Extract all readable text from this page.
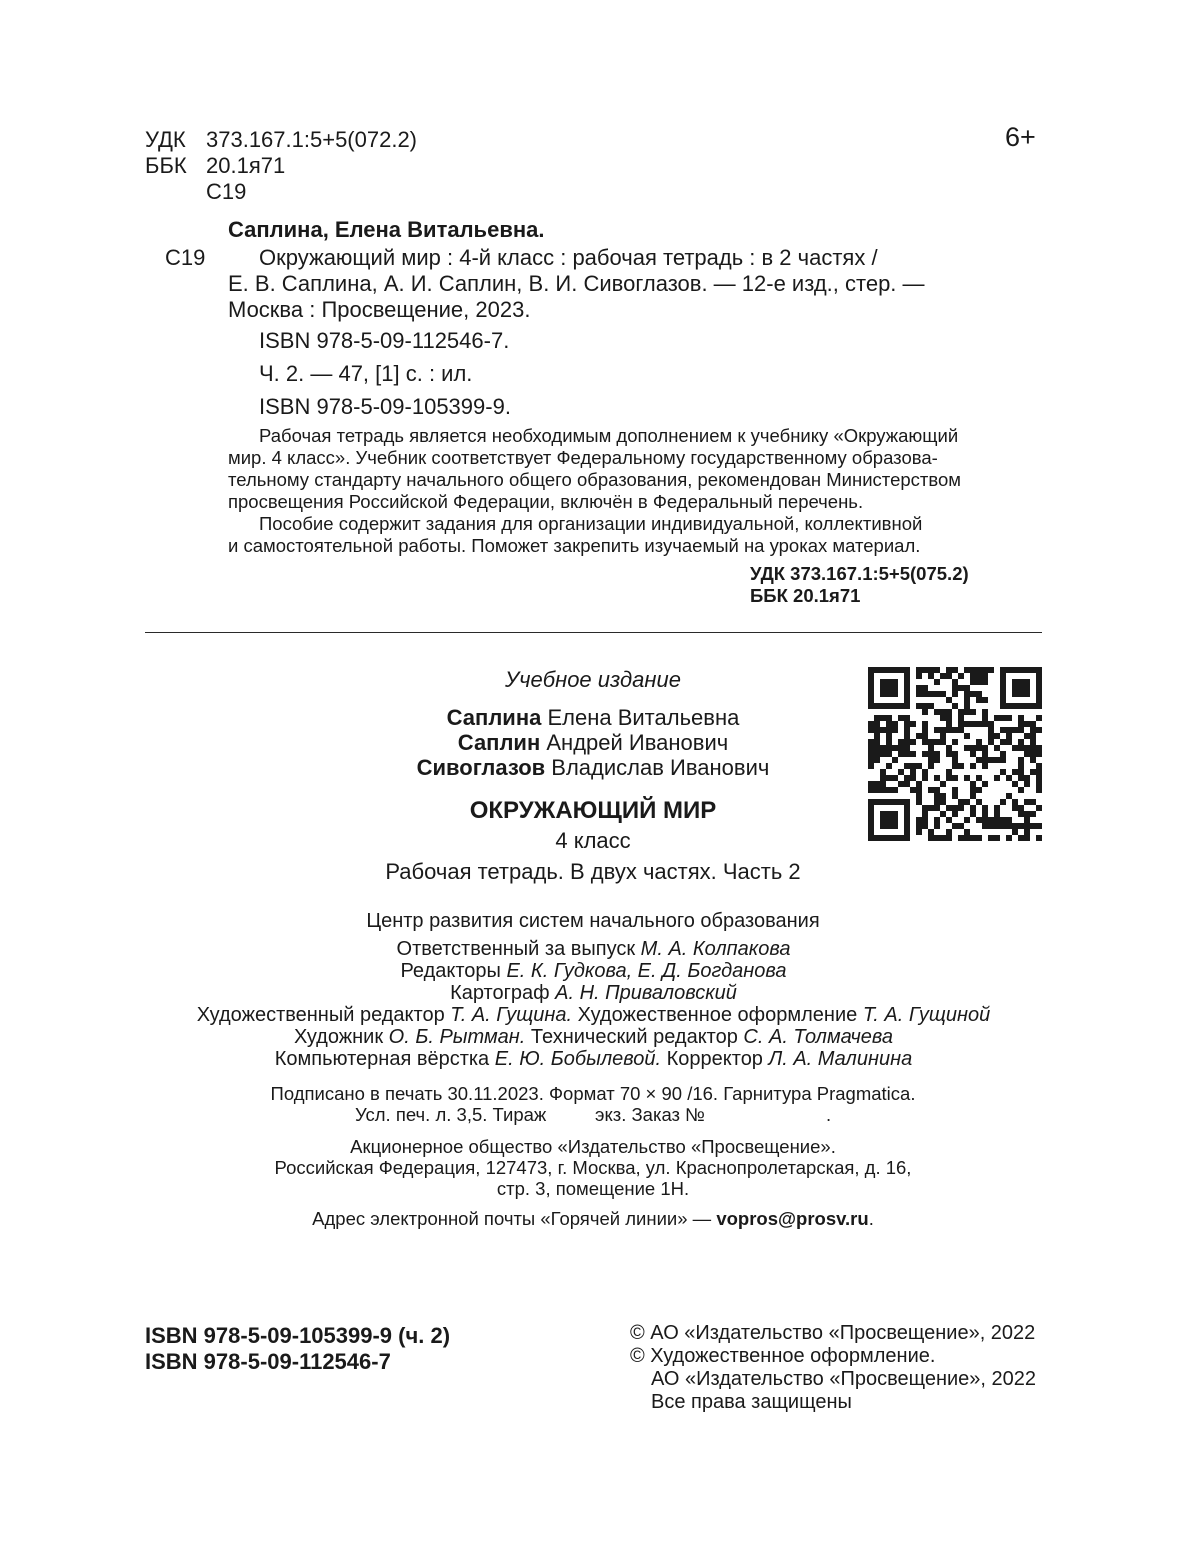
УДК 373.167.1:5+5(072.2)
ББК 20.1я71
С19
6+
Саплина, Елена Витальевна.
С19 Окружающий мир : 4-й класс : рабочая тетрадь : в 2 частях /
Е. В. Саплина, А. И. Саплин, В. И. Сивоглазов. — 12-е изд., стер. —
Москва : Просвещение, 2023.
ISBN 978-5-09-112546-7.
Ч. 2. — 47, [1] с. : ил.
ISBN 978-5-09-105399-9.
Рабочая тетрадь является необходимым дополнением к учебнику «Окружающий
мир. 4 класс». Учебник соответствует Федеральному государственному образова-
тельному стандарту начального общего образования, рекомендован Министерством
просвещения Российской Федерации, включён в Федеральный перечень.
Пособие содержит задания для организации индивидуальной, коллективной
и самостоятельной работы. Поможет закрепить изучаемый на уроках материал.
УДК 373.167.1:5+5(075.2)
ББК 20.1я71
Учебное издание
Саплина Елена Витальевна
Саплин Андрей Иванович
Сивоглазов Владислав Иванович
ОКРУЖАЮЩИЙ МИР
4 класс
Рабочая тетрадь. В двух частях. Часть 2
Центр развития систем начального образования
Ответственный за выпуск М. А. Колпакова
Редакторы Е. К. Гудкова, Е. Д. Богданова
Картограф А. Н. Приваловский
Художественный редактор Т. А. Гущина. Художественное оформление Т. А. Гущиной
Художник О. Б. Рытман. Технический редактор С. А. Толмачева
Компьютерная вёрстка Е. Ю. Бобылевой. Корректор Л. А. Малинина
Подписано в печать 30.11.2023. Формат 70 × 90 /16. Гарнитура Pragmatica.
Усл. печ. л. 3,5. Тираж	экз. Заказ №	.
Акционерное общество «Издательство «Просвещение».
Российская Федерация, 127473, г. Москва, ул. Краснопролетарская, д. 16,
стр. 3, помещение 1Н.
Адрес электронной почты «Горячей линии» — vopros@prosv.ru.
ISBN 978-5-09-105399-9 (ч. 2)
ISBN 978-5-09-112546-7
© АО «Издательство «Просвещение», 2022
© Художественное оформление.
АО «Издательство «Просвещение», 2022
Все права защищены
